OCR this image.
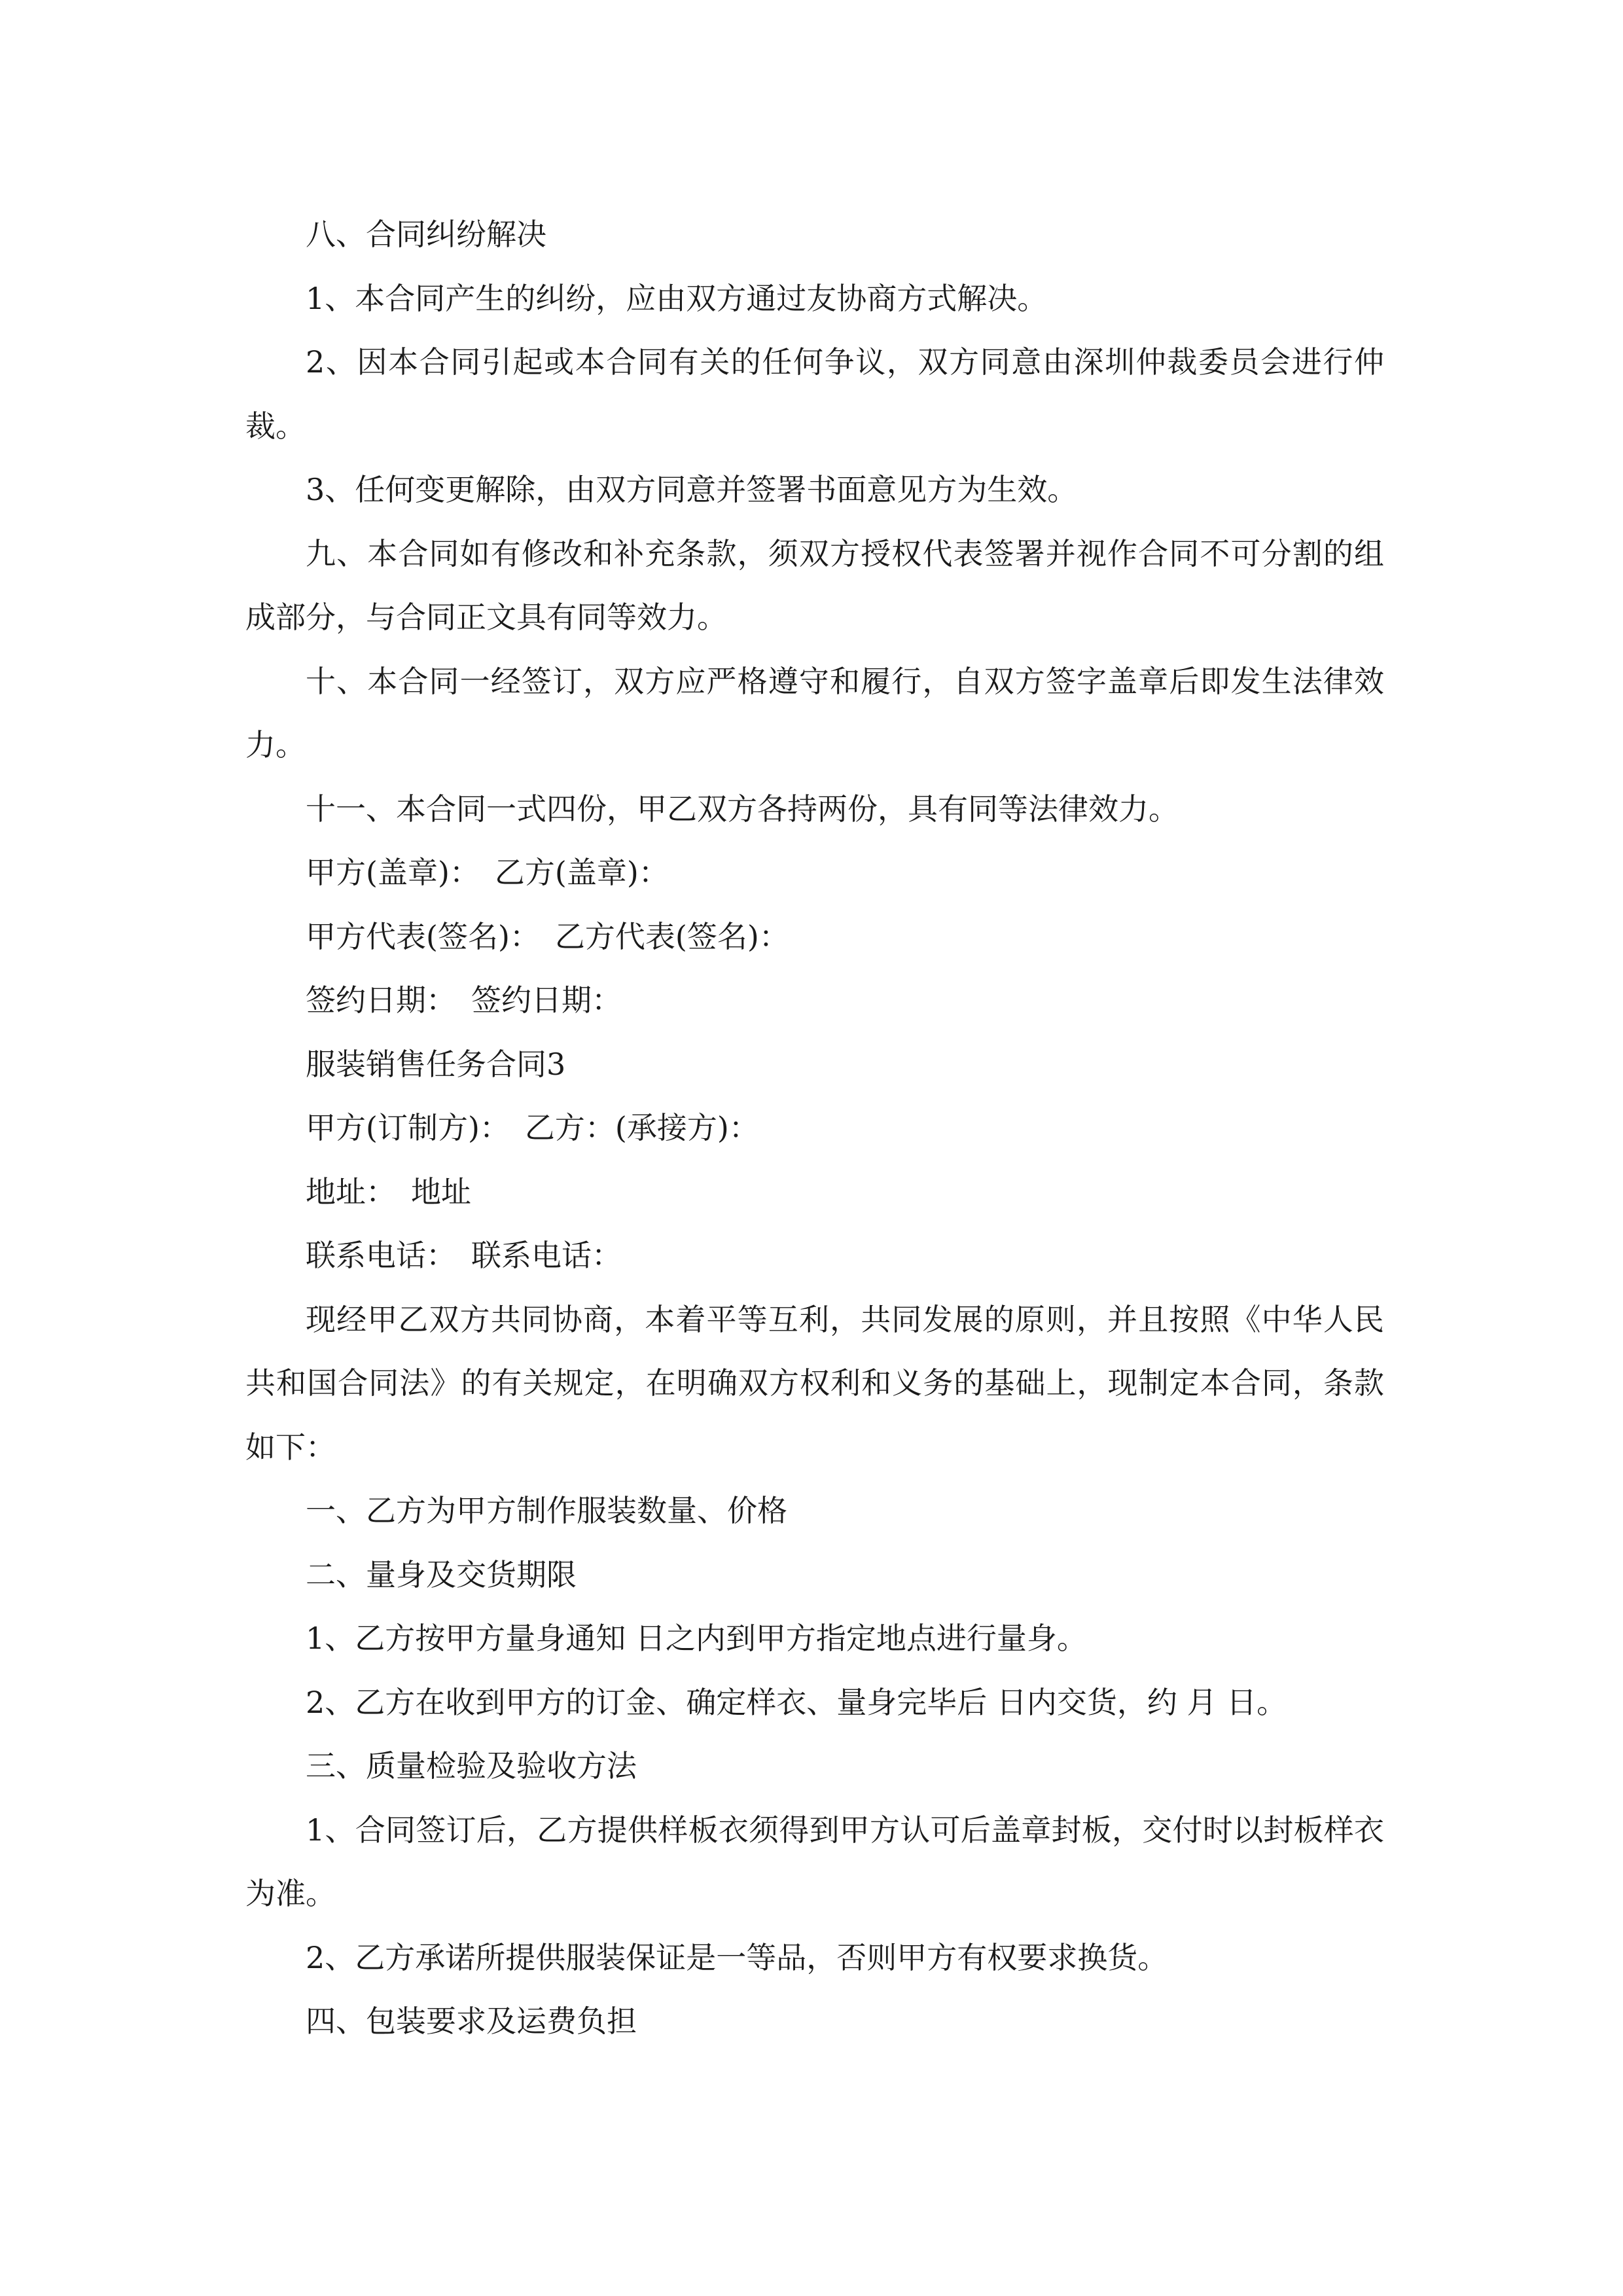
八、合同纠纷解决

1、本合同产生的纠纷，应由双方通过友协商方式解决。

2、因本合同引起或本合同有关的任何争议，双方同意由深圳仲裁委员会进行仲裁。

3、任何变更解除，由双方同意并签署书面意见方为生效。

九、本合同如有修改和补充条款，须双方授权代表签署并视作合同不可分割的组成部分，与合同正文具有同等效力。

十、本合同一经签订，双方应严格遵守和履行，自双方签字盖章后即发生法律效力。

十一、本合同一式四份，甲乙双方各持两份，具有同等法律效力。

甲方(盖章)：　乙方(盖章)：

甲方代表(签名)：　乙方代表(签名)：

签约日期：　签约日期：

服装销售任务合同3

甲方(订制方)：　乙方：(承接方)：

地址：　地址

联系电话：　联系电话：

现经甲乙双方共同协商，本着平等互利，共同发展的原则，并且按照《中华人民共和国合同法》的有关规定，在明确双方权利和义务的基础上，现制定本合同，条款如下：

一、乙方为甲方制作服装数量、价格

二、量身及交货期限

1、乙方按甲方量身通知 日之内到甲方指定地点进行量身。

2、乙方在收到甲方的订金、确定样衣、量身完毕后 日内交货，约 月 日。

三、质量检验及验收方法

1、合同签订后，乙方提供样板衣须得到甲方认可后盖章封板，交付时以封板样衣为准。

2、乙方承诺所提供服装保证是一等品，否则甲方有权要求换货。

四、包装要求及运费负担
